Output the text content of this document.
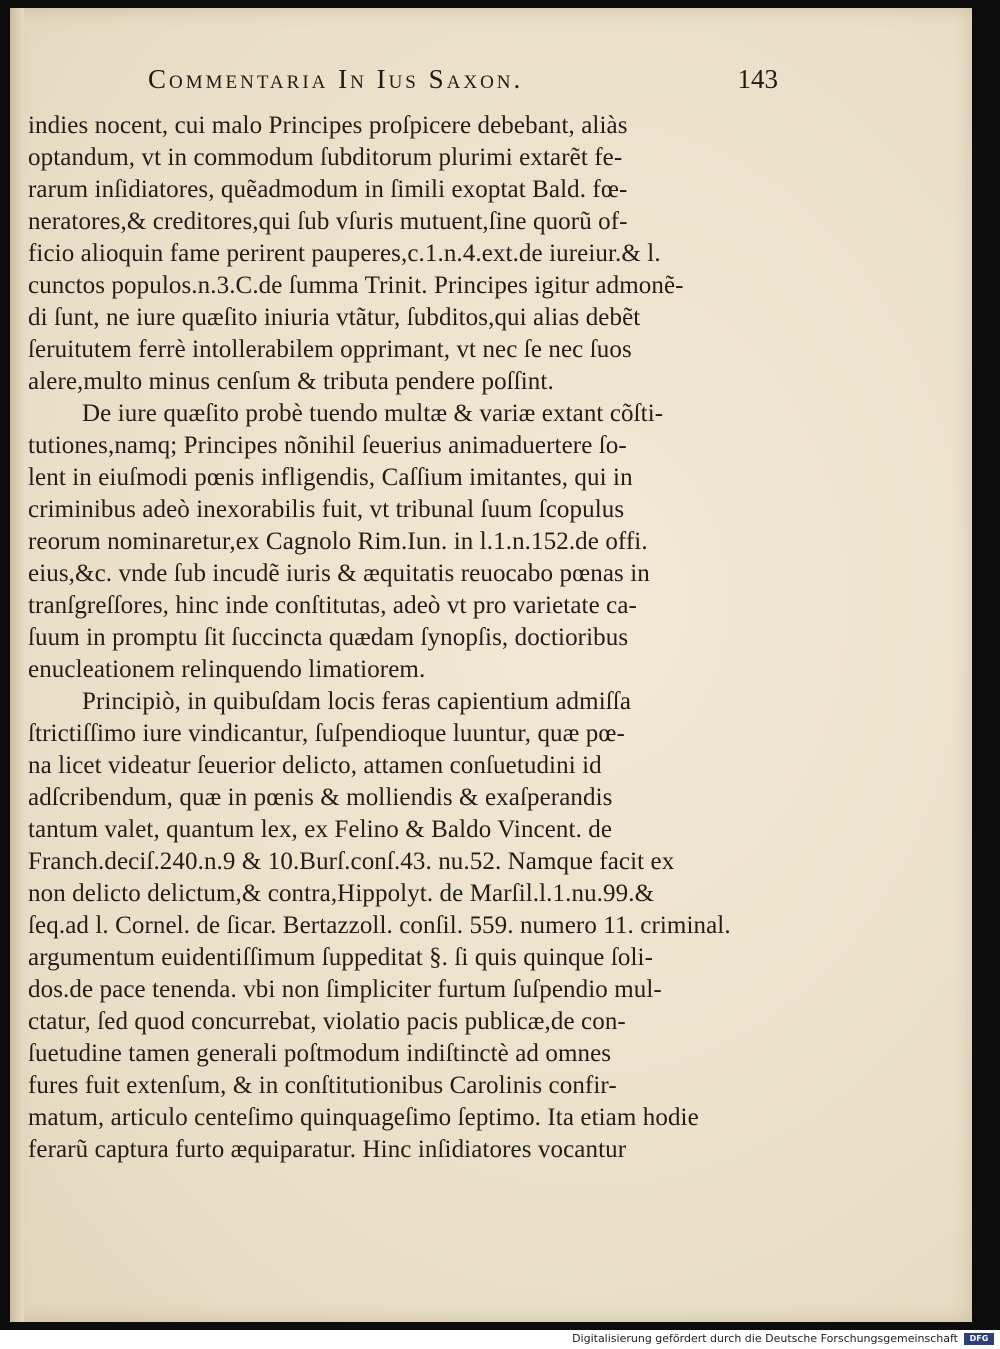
Commentaria In Ius Saxon.	143
indies nocent, cui malo Principes proſpicere debebant, aliàs
optandum, vt in commodum ſubditorum plurimi extarẽt fe-
rarum inſidiatores, quẽadmodum in ſimili exoptat Bald. fœ-
neratores,& creditores,qui ſub vſuris mutuent,ſine quorũ of-
ficio alioquin fame perirent pauperes,c.1.n.4.ext.de iureiur.& l.
cunctos populos.n.3.C.de ſumma Trinit. Principes igitur admonẽ-
di ſunt, ne iure quæſito iniuria vtãtur, ſubditos,qui alias debẽt
ſeruitutem ferrè intollerabilem opprimant, vt nec ſe nec ſuos
alere,multo minus cenſum & tributa pendere poſſint.
De iure quæſito probè tuendo multæ & variæ extant cõſti-
tutiones,namq; Principes nõnihil ſeuerius animaduertere ſo-
lent in eiuſmodi pœnis infligendis, Caſſium imitantes, qui in
criminibus adeò inexorabilis fuit, vt tribunal ſuum ſcopulus
reorum nominaretur,ex Cagnolo Rim.Iun. in l.1.n.152.de offi.
eius,&c. vnde ſub incudẽ iuris & æquitatis reuocabo pœnas in
tranſgreſſores, hinc inde conſtitutas, adeò vt pro varietate ca-
ſuum in promptu ſit ſuccincta quædam ſynopſis, doctioribus
enucleationem relinquendo limatiorem.
Principiò, in quibuſdam locis feras capientium admiſſa
ſtrictiſſimo iure vindicantur, ſuſpendioque luuntur, quæ pœ-
na licet videatur ſeuerior delicto, attamen conſuetudini id
adſcribendum, quæ in pœnis & molliendis & exaſperandis
tantum valet, quantum lex, ex Felino & Baldo Vincent. de
Franch.deciſ.240.n.9 & 10.Burſ.conſ.43. nu.52. Namque facit ex
non delicto delictum,& contra,Hippolyt. de Marſil.l.1.nu.99.&
ſeq.ad l. Cornel. de ſicar. Bertazzoll. conſil. 559. numero 11. criminal.
argumentum euidentiſſimum ſuppeditat §. ſi quis quinque ſoli-
dos.de pace tenenda. vbi non ſimpliciter furtum ſuſpendio mul-
ctatur, ſed quod concurrebat, violatio pacis publicæ,de con-
ſuetudine tamen generali poſtmodum indiſtinctè ad omnes
fures fuit extenſum, & in conſtitutionibus Carolinis confir-
matum, articulo centeſimo quinquageſimo ſeptimo. Ita etiam hodie
ferarũ captura furto æquiparatur. Hinc inſidiatores vocantur
Digitalisierung gefördert durch die Deutsche Forschungsgemeinschaft	DFG
